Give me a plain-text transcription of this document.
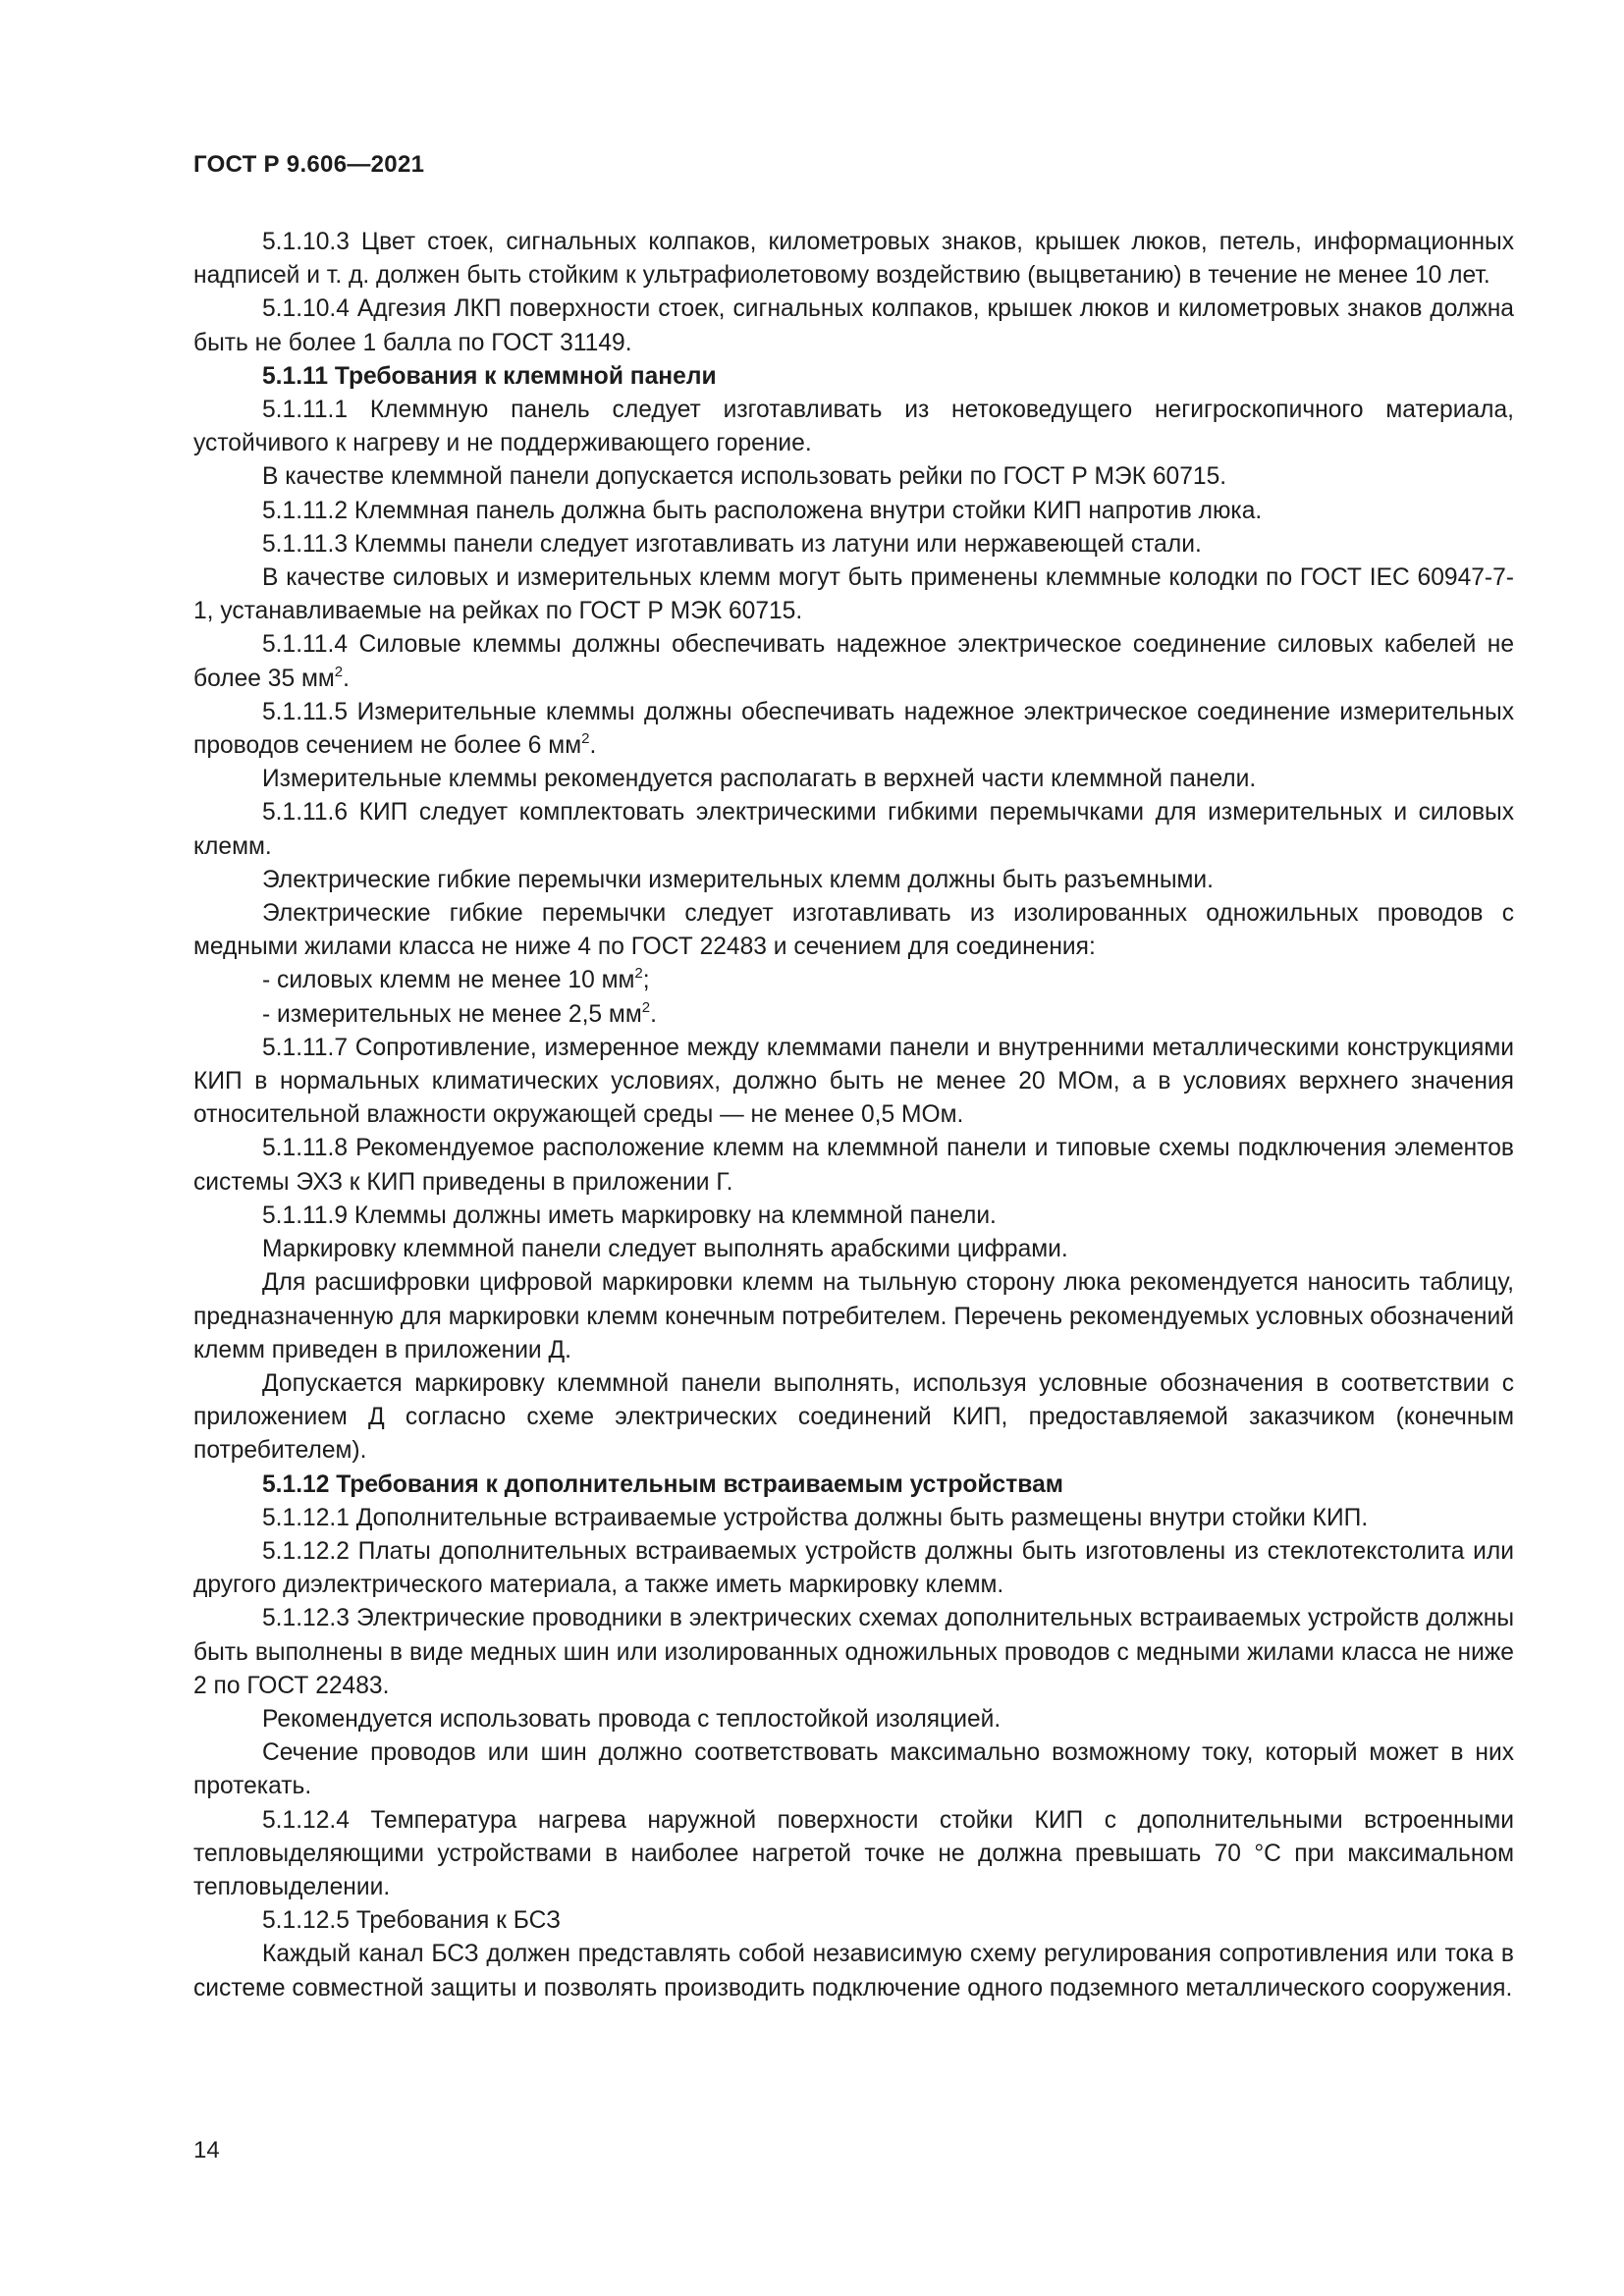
ГОСТ Р 9.606—2021

5.1.10.3 Цвет стоек, сигнальных колпаков, километровых знаков, крышек люков, петель, информационных надписей и т. д. должен быть стойким к ультрафиолетовому воздействию (выцветанию) в течение не менее 10 лет.

5.1.10.4 Адгезия ЛКП поверхности стоек, сигнальных колпаков, крышек люков и километровых знаков должна быть не более 1 балла по ГОСТ 31149.

5.1.11 Требования к клеммной панели

5.1.11.1 Клеммную панель следует изготавливать из нетоковедущего негигроскопичного материала, устойчивого к нагреву и не поддерживающего горение.

В качестве клеммной панели допускается использовать рейки по ГОСТ Р МЭК 60715.

5.1.11.2 Клеммная панель должна быть расположена внутри стойки КИП напротив люка.

5.1.11.3 Клеммы панели следует изготавливать из латуни или нержавеющей стали.

В качестве силовых и измерительных клемм могут быть применены клеммные колодки по ГОСТ IEC 60947-7-1, устанавливаемые на рейках по ГОСТ Р МЭК 60715.

5.1.11.4 Силовые клеммы должны обеспечивать надежное электрическое соединение силовых кабелей не более 35 $мм^2$.

5.1.11.5 Измерительные клеммы должны обеспечивать надежное электрическое соединение измерительных проводов сечением не более 6 $мм^2$.

Измерительные клеммы рекомендуется располагать в верхней части клеммной панели.

5.1.11.6 КИП следует комплектовать электрическими гибкими перемычками для измерительных и силовых клемм.

Электрические гибкие перемычки измерительных клемм должны быть разъемными.

Электрические гибкие перемычки следует изготавливать из изолированных одножильных проводов с медными жилами класса не ниже 4 по ГОСТ 22483 и сечением для соединения:

- силовых клемм не менее 10 $мм^2$;

- измерительных не менее 2,5 $мм^2$.

5.1.11.7 Сопротивление, измеренное между клеммами панели и внутренними металлическими конструкциями КИП в нормальных климатических условиях, должно быть не менее 20 МОм, а в условиях верхнего значения относительной влажности окружающей среды — не менее 0,5 МОм.

5.1.11.8 Рекомендуемое расположение клемм на клеммной панели и типовые схемы подключения элементов системы ЭХЗ к КИП приведены в приложении Г.

5.1.11.9 Клеммы должны иметь маркировку на клеммной панели.

Маркировку клеммной панели следует выполнять арабскими цифрами.

Для расшифровки цифровой маркировки клемм на тыльную сторону люка рекомендуется наносить таблицу, предназначенную для маркировки клемм конечным потребителем. Перечень рекомендуемых условных обозначений клемм приведен в приложении Д.

Допускается маркировку клеммной панели выполнять, используя условные обозначения в соответствии с приложением Д согласно схеме электрических соединений КИП, предоставляемой заказчиком (конечным потребителем).

5.1.12 Требования к дополнительным встраиваемым устройствам

5.1.12.1 Дополнительные встраиваемые устройства должны быть размещены внутри стойки КИП.

5.1.12.2 Платы дополнительных встраиваемых устройств должны быть изготовлены из стеклотекстолита или другого диэлектрического материала, а также иметь маркировку клемм.

5.1.12.3 Электрические проводники в электрических схемах дополнительных встраиваемых устройств должны быть выполнены в виде медных шин или изолированных одножильных проводов с медными жилами класса не ниже 2 по ГОСТ 22483.

Рекомендуется использовать провода с теплостойкой изоляцией.

Сечение проводов или шин должно соответствовать максимально возможному току, который может в них протекать.

5.1.12.4 Температура нагрева наружной поверхности стойки КИП с дополнительными встроенными тепловыделяющими устройствами в наиболее нагретой точке не должна превышать 70 °С при максимальном тепловыделении.

5.1.12.5 Требования к БСЗ

Каждый канал БСЗ должен представлять собой независимую схему регулирования сопротивления или тока в системе совместной защиты и позволять производить подключение одного подземного металлического сооружения.

14
